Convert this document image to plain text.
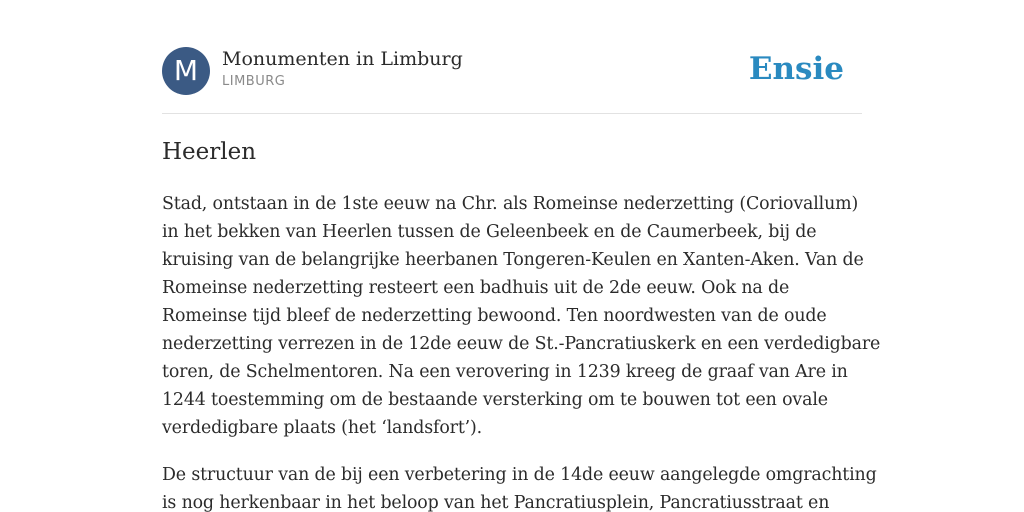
M	Monumenten in Limburg
LIMBURG	Ensie
Heerlen

Stad, ontstaan in de 1ste eeuw na Chr. als Romeinse nederzetting (Coriovallum)
in het bekken van Heerlen tussen de Geleenbeek en de Caumerbeek, bij de
kruising van de belangrijke heerbanen Tongeren-Keulen en Xanten-Aken. Van de
Romeinse nederzetting resteert een badhuis uit de 2de eeuw. Ook na de
Romeinse tijd bleef de nederzetting bewoond. Ten noordwesten van de oude
nederzetting verrezen in de 12de eeuw de St.-Pancratiuskerk en een verdedigbare
toren, de Schelmentoren. Na een verovering in 1239 kreeg de graaf van Are in
1244 toestemming om de bestaande versterking om te bouwen tot een ovale
verdedigbare plaats (het ‘landsfort’).

De structuur van de bij een verbetering in de 14de eeuw aangelegde omgrachting
is nog herkenbaar in het beloop van het Pancratiusplein, Pancratiusstraat en
